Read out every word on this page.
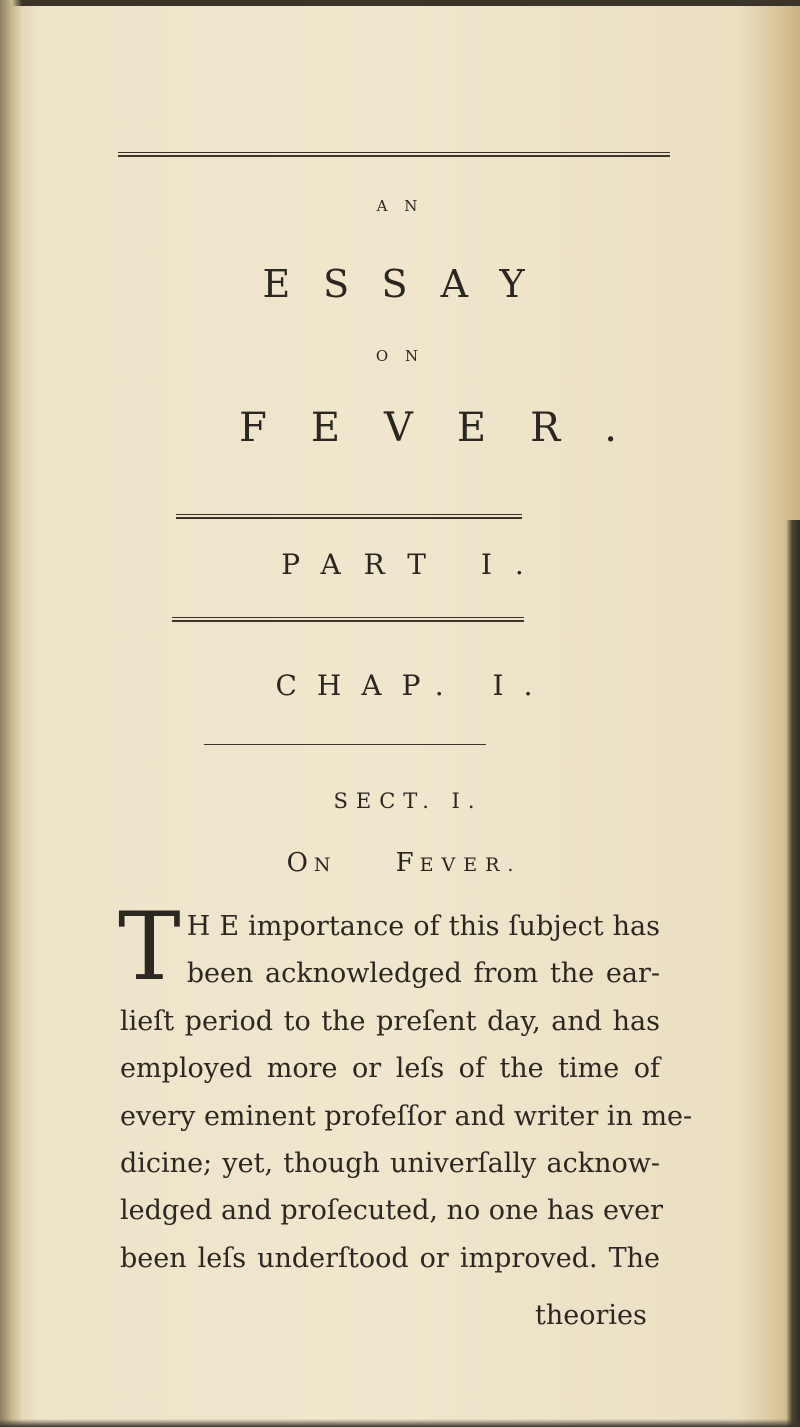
A N
ESSAY
O N
FEVER.
PART I.
CHAP. I.
SECT. I.
ON FEVER.
T H E importance of this ſubject has
been acknowledged from the ear-
lieſt period to the preſent day, and has
employed more or leſs of the time of
every eminent profeſſor and writer in me-
dicine; yet, though univerſally acknow-
ledged and proſecuted, no one has ever
been leſs underſtood or improved. The
theories
